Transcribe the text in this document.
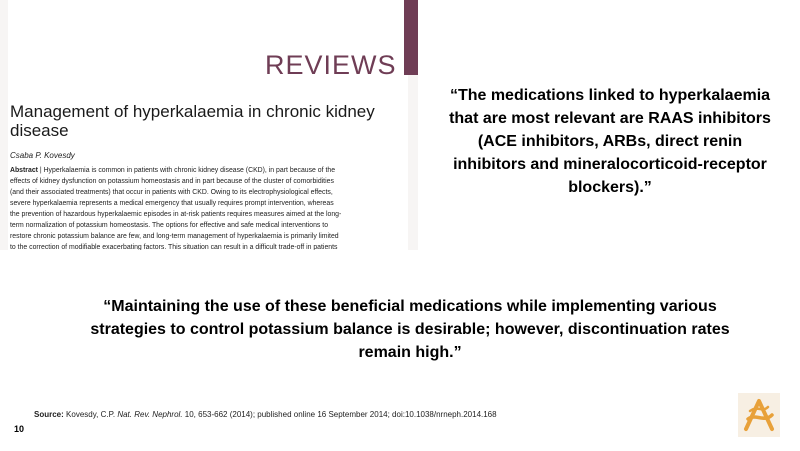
REVIEWS
Management of hyperkalaemia in chronic kidney disease
Csaba P. Kovesdy
Abstract | Hyperkalaemia is common in patients with chronic kidney disease (CKD), in part because of the
effects of kidney dysfunction on potassium homeostasis and in part because of the cluster of comorbidities
(and their associated treatments) that occur in patients with CKD. Owing to its electrophysiological effects,
severe hyperkalaemia represents a medical emergency that usually requires prompt intervention, whereas
the prevention of hazardous hyperkalaemic episodes in at-risk patients requires measures aimed at the long-
term normalization of potassium homeostasis. The options for effective and safe medical interventions to
restore chronic potassium balance are few, and long-term management of hyperkalaemia is primarily limited
to the correction of modifiable exacerbating factors. This situation can result in a difficult trade-off in patients
“The medications linked to hyperkalaemia that are most relevant are RAAS inhibitors (ACE inhibitors, ARBs, direct renin inhibitors and mineralocorticoid-receptor blockers).”
“Maintaining the use of these beneficial medications while implementing various strategies to control potassium balance is desirable; however, discontinuation rates remain high.”
Source: Kovesdy, C.P. Nat. Rev. Nephrol. 10, 653-662 (2014); published online 16 September 2014; doi:10.1038/nrneph.2014.168
10
